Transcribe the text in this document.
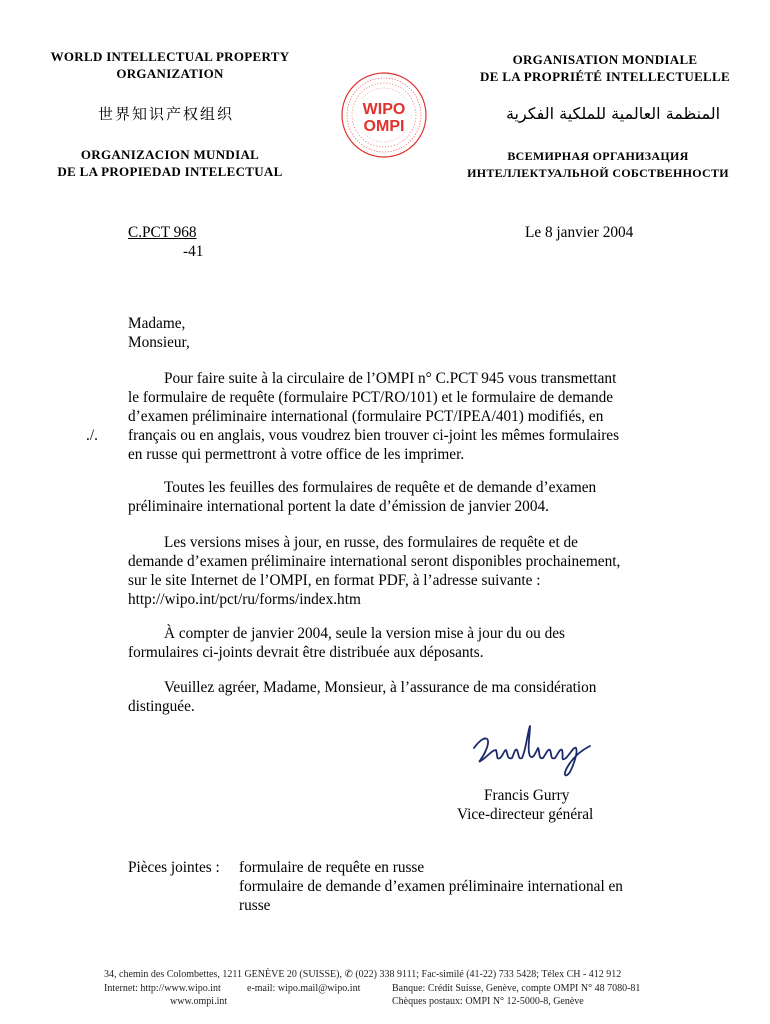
WORLD INTELLECTUAL PROPERTY
ORGANIZATION
世界知识产权组织
ORGANIZACION MUNDIAL
DE LA PROPIEDAD INTELECTUAL
ORGANISATION MONDIALE
DE LA PROPRIÉTÉ INTELLECTUELLE
المنظمة العالمية للملكية الفكرية
ВСЕМИРНАЯ ОРГАНИЗАЦИЯ
ИНТЕЛЛЕКТУАЛЬНОЙ СОБСТВЕННОСТИ
WIPO
OMPI
C.PCT 968
-41
Le 8 janvier 2004
Madame,
Monsieur,
Pour faire suite à la circulaire de l’OMPI n° C.PCT 945 vous transmettant
le formulaire de requête (formulaire PCT/RO/101) et le formulaire de demande
d’examen préliminaire international (formulaire PCT/IPEA/401) modifiés, en
français ou en anglais, vous voudrez bien trouver ci-joint les mêmes formulaires
en russe qui permettront à votre office de les imprimer.
./.
Toutes les feuilles des formulaires de requête et de demande d’examen
préliminaire international portent la date d’émission de janvier 2004.
Les versions mises à jour, en russe, des formulaires de requête et de
demande d’examen préliminaire international seront disponibles prochainement,
sur le site Internet de l’OMPI, en format PDF, à l’adresse suivante :
http://wipo.int/pct/ru/forms/index.htm
À compter de janvier 2004, seule la version mise à jour du ou des
formulaires ci-joints devrait être distribuée aux déposants.
Veuillez agréer, Madame, Monsieur, à l’assurance de ma considération
distinguée.
Francis Gurry
Vice-directeur général
Pièces jointes : formulaire de requête en russe
formulaire de demande d’examen préliminaire international en
russe
34, chemin des Colombettes, 1211 GENÈVE 20 (SUISSE), ✆ (022) 338 9111; Fac-similé (41-22) 733 5428; Télex CH - 412 912
Internet: http://www.wipo.int
www.ompi.int
e-mail: wipo.mail@wipo.int	Banque: Crédit Suisse, Genève, compte OMPI N° 48 7080-81
Chèques postaux: OMPI N° 12-5000-8, Genève
